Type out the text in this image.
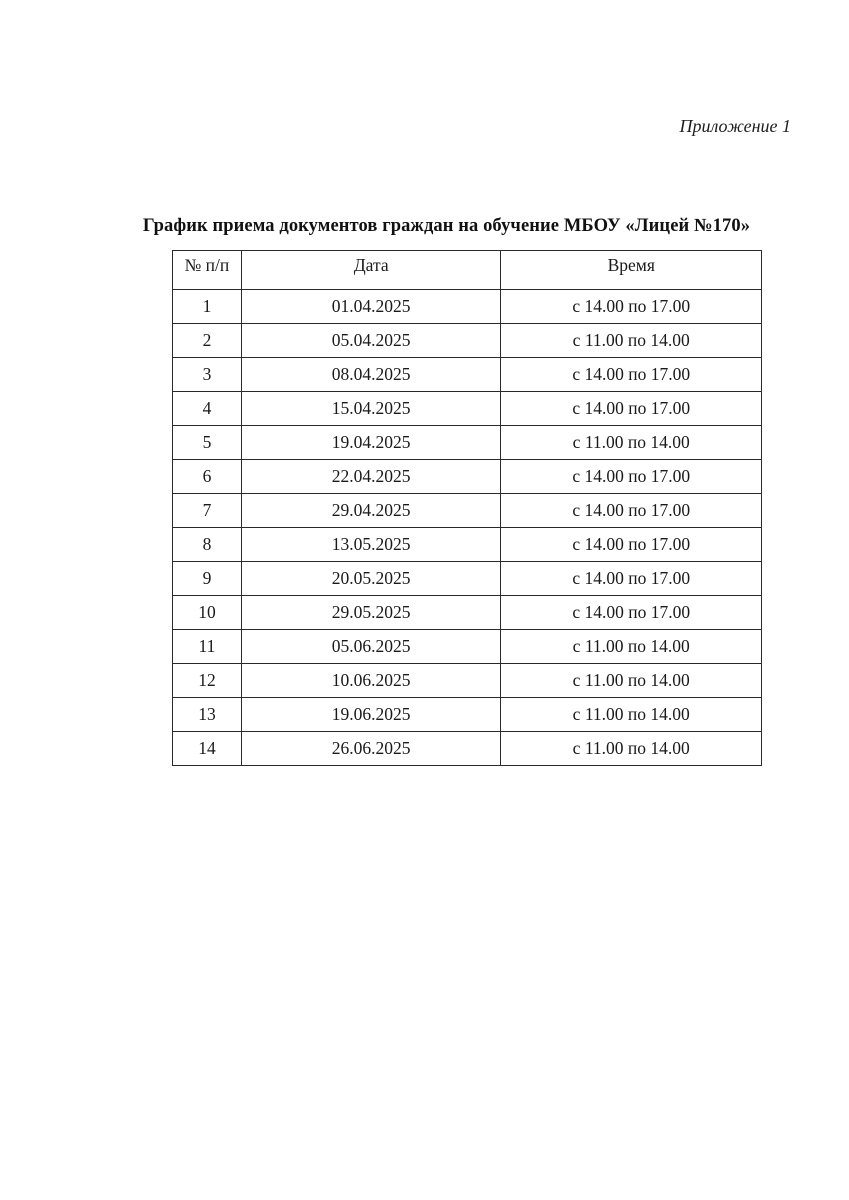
Приложение 1
График приема документов граждан на обучение МБОУ «Лицей №170»
№ п/п	Дата	Время
1	01.04.2025	с 14.00 по 17.00
2	05.04.2025	с 11.00 по 14.00
3	08.04.2025	с 14.00 по 17.00
4	15.04.2025	с 14.00 по 17.00
5	19.04.2025	с 11.00 по 14.00
6	22.04.2025	с 14.00 по 17.00
7	29.04.2025	с 14.00 по 17.00
8	13.05.2025	с 14.00 по 17.00
9	20.05.2025	с 14.00 по 17.00
10	29.05.2025	с 14.00 по 17.00
11	05.06.2025	с 11.00 по 14.00
12	10.06.2025	с 11.00 по 14.00
13	19.06.2025	с 11.00 по 14.00
14	26.06.2025	с 11.00 по 14.00
